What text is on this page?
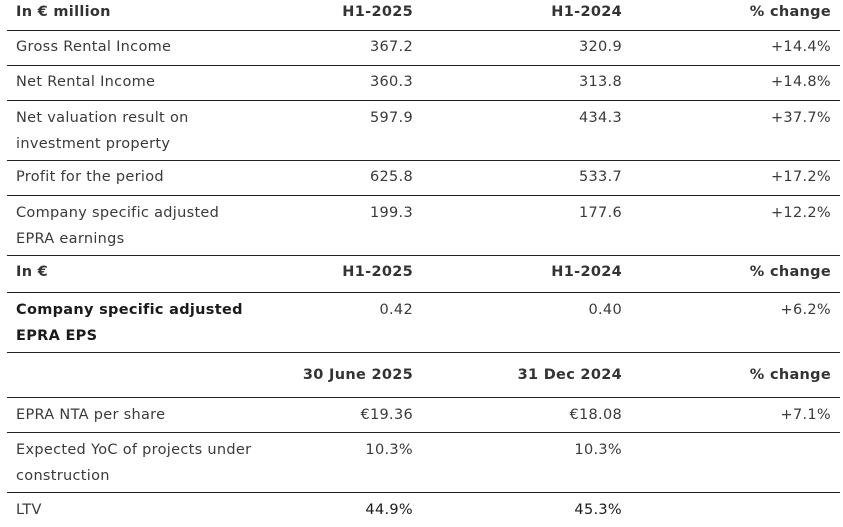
In € million	H1-2025	H1-2024	% change
Gross Rental Income	367.2	320.9	+14.4%
Net Rental Income	360.3	313.8	+14.8%
Net valuation result on investment property	597.9	434.3	+37.7%
Profit for the period	625.8	533.7	+17.2%
Company specific adjusted EPRA earnings	199.3	177.6	+12.2%
In €	H1-2025	H1-2024	% change
Company specific adjusted EPRA EPS	0.42	0.40	+6.2%
	30 June 2025	31 Dec 2024	% change
EPRA NTA per share	€19.36	€18.08	+7.1%
Expected YoC of projects under construction	10.3%	10.3%	
LTV	44.9%	45.3%	
